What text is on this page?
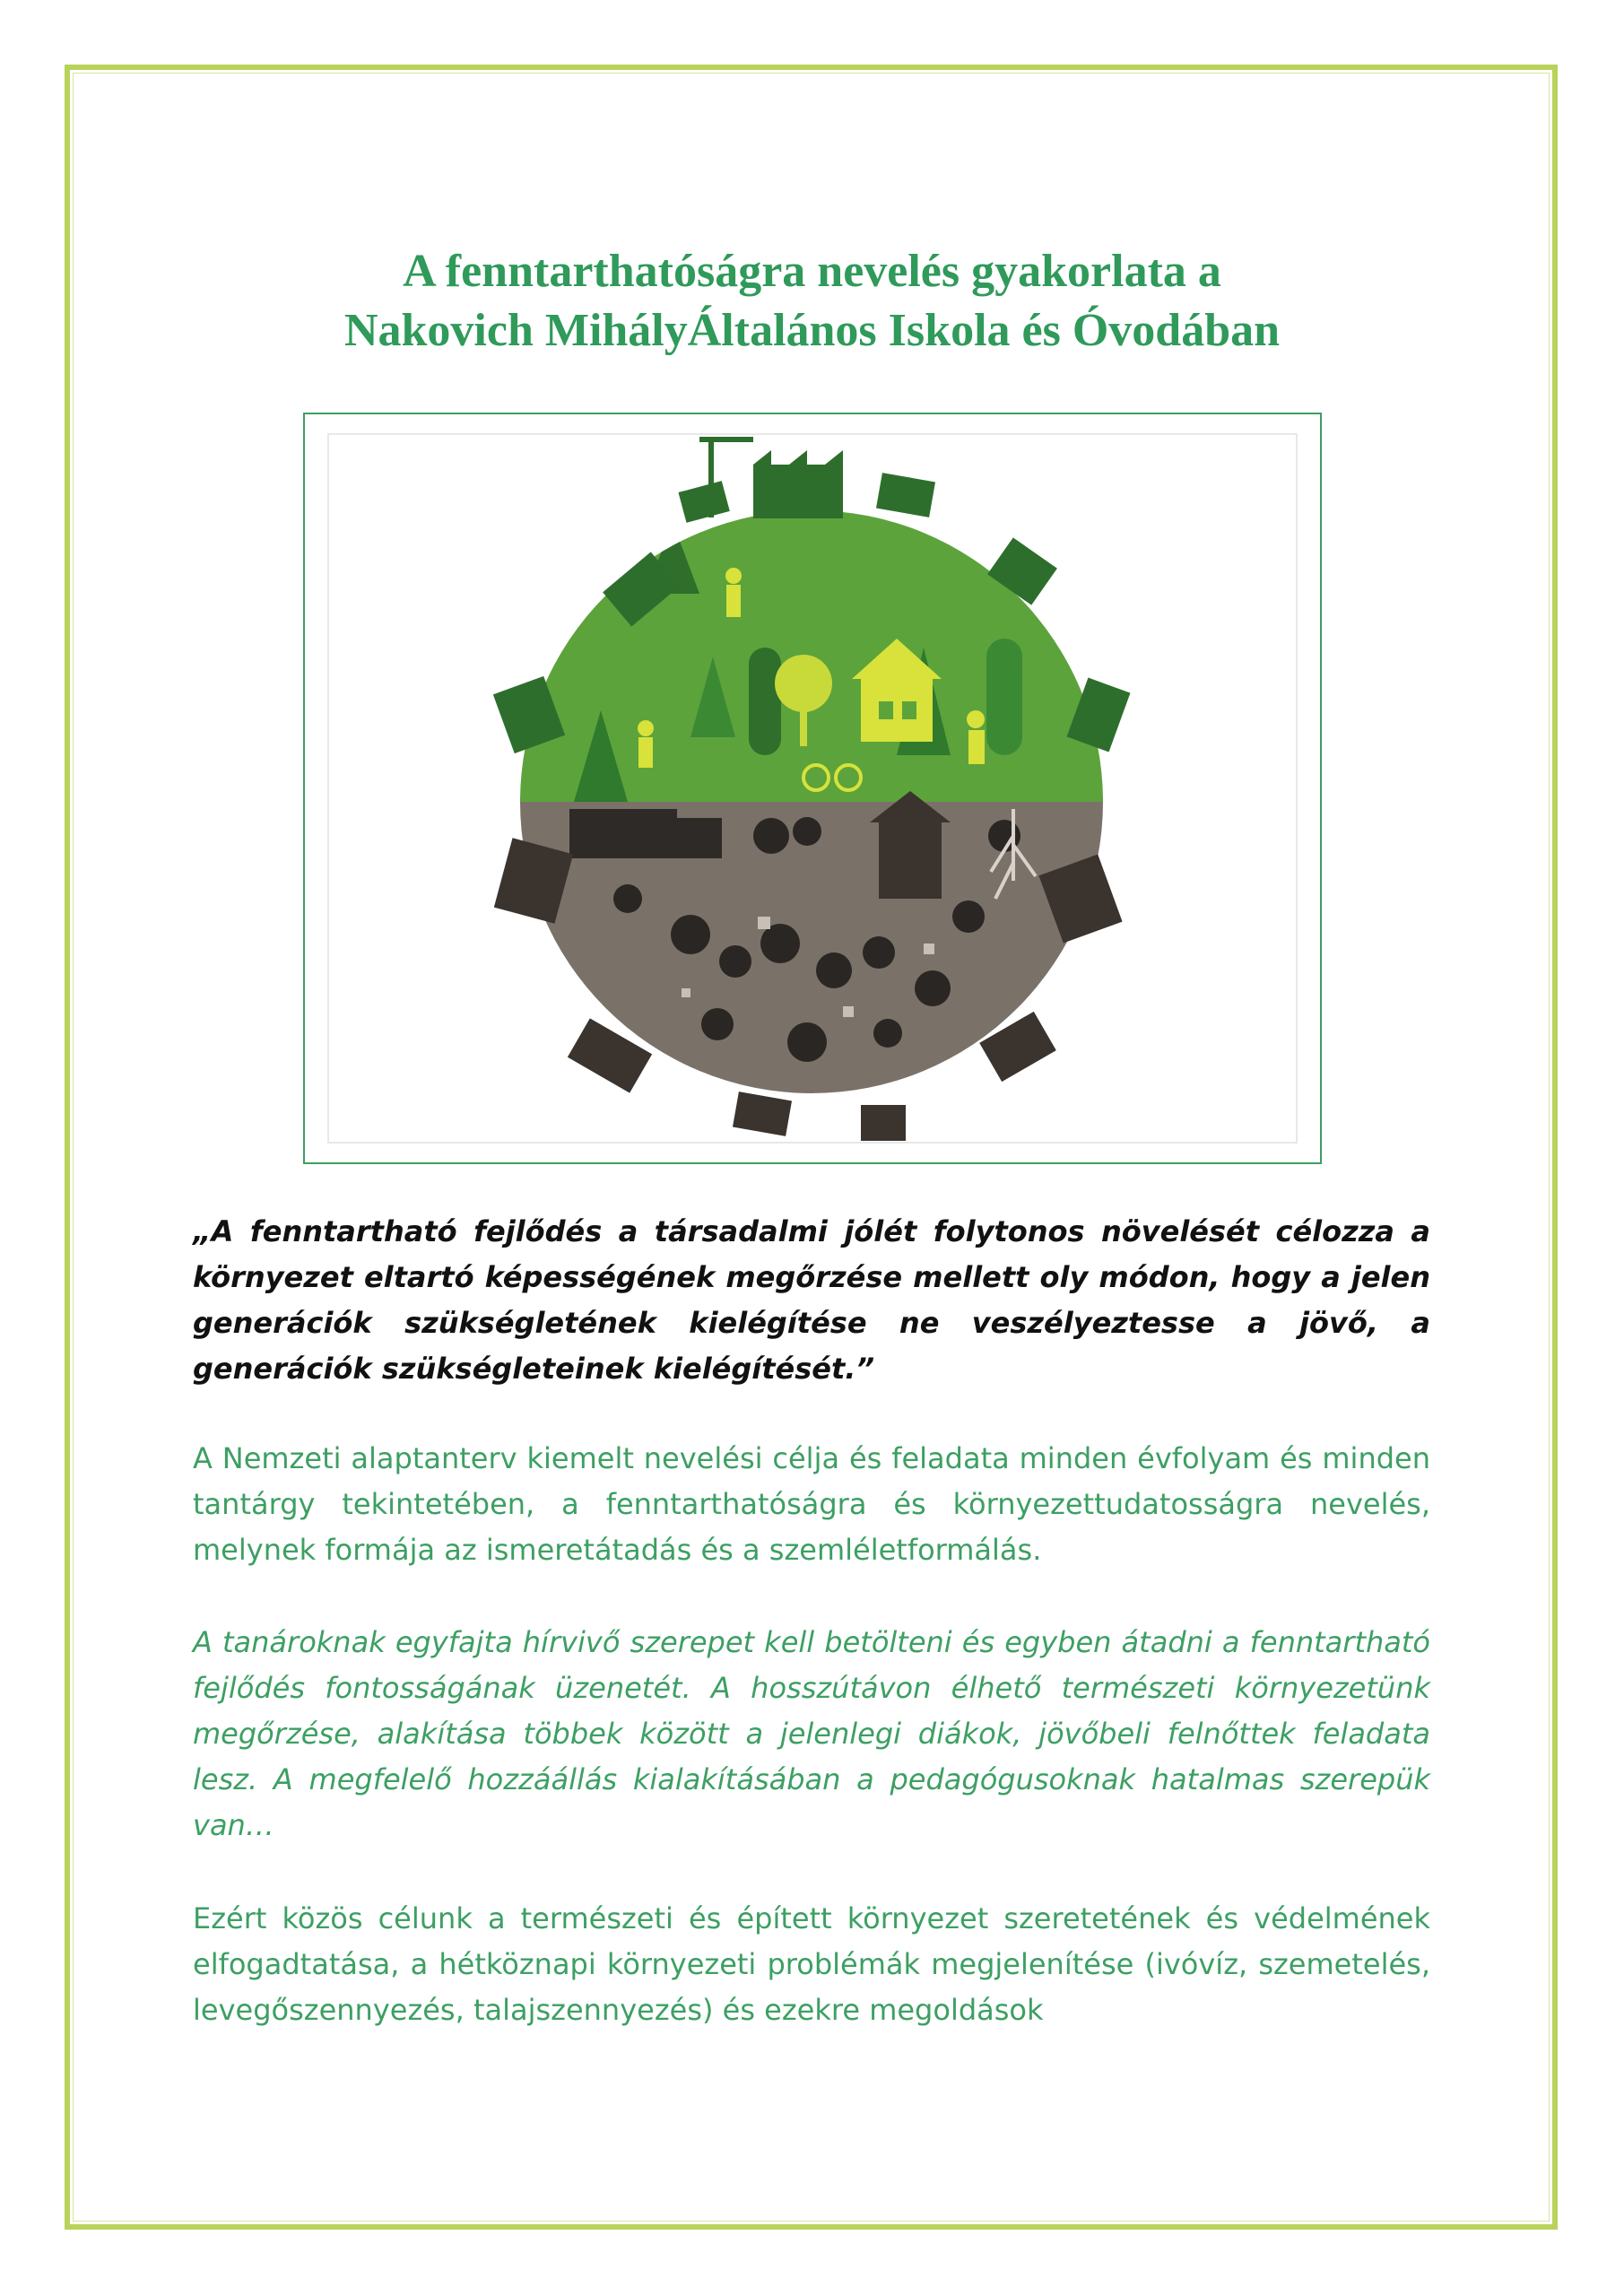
A fenntarthatóságra nevelés gyakorlata a
Nakovich MihályÁltalános Iskola és Óvodában

„A fenntartható fejlődés a társadalmi jólét folytonos növelését célozza a környezet eltartó képességének megőrzése mellett oly módon, hogy a jelen generációk szükségletének kielégítése ne veszélyeztesse a jövő, a generációk szükségleteinek kielégítését.”

A Nemzeti alaptanterv kiemelt nevelési célja és feladata minden évfolyam és minden tantárgy tekintetében, a fenntarthatóságra és környezettudatosságra nevelés, melynek formája az ismeretátadás és a szemléletformálás.

A tanároknak egyfajta hírvivő szerepet kell betölteni és egyben átadni a fenntartható fejlődés fontosságának üzenetét. A hosszútávon élhető természeti környezetünk megőrzése, alakítása többek között a jelenlegi diákok, jövőbeli felnőttek feladata lesz. A megfelelő hozzáállás kialakításában a pedagógusoknak hatalmas szerepük van…

Ezért közös célunk a természeti és épített környezet szeretetének és védelmének elfogadtatása, a hétköznapi környezeti problémák megjelenítése (ivóvíz, szemetelés, levegőszennyezés, talajszennyezés) és ezekre megoldások
